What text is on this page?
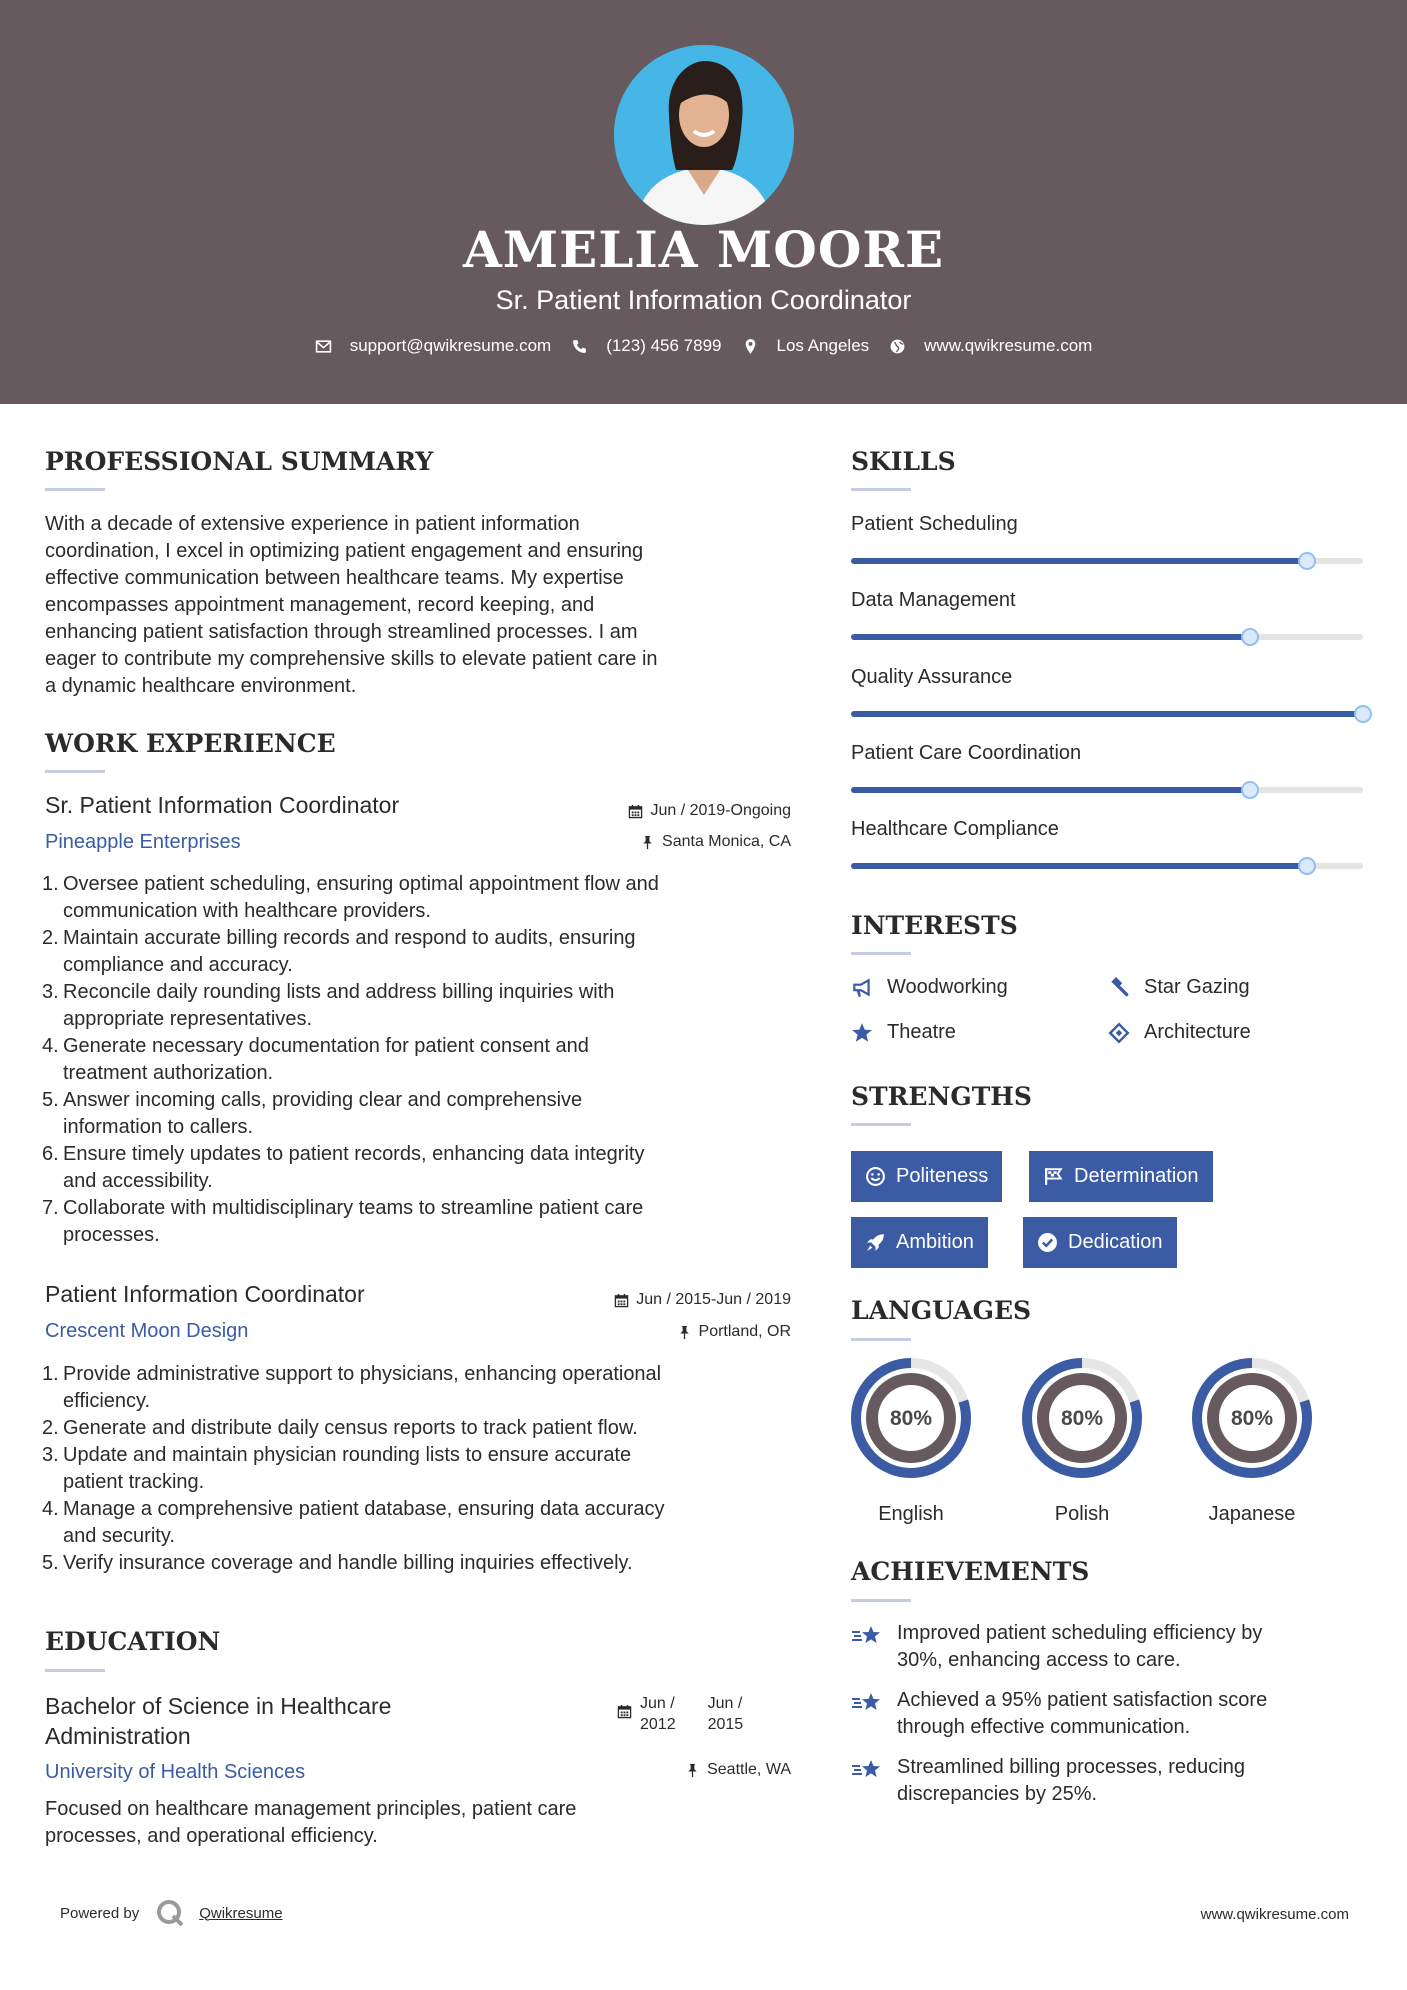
AMELIA MOORE
Sr. Patient Information Coordinator
support@qwikresume.com	(123) 456 7899	Los Angeles	www.qwikresume.com
PROFESSIONAL SUMMARY
With a decade of extensive experience in patient information
coordination, I excel in optimizing patient engagement and ensuring
effective communication between healthcare teams. My expertise
encompasses appointment management, record keeping, and
enhancing patient satisfaction through streamlined processes. I am
eager to contribute my comprehensive skills to elevate patient care in
a dynamic healthcare environment.
WORK EXPERIENCE
Sr. Patient Information Coordinator	Jun / 2019-Ongoing
Pineapple Enterprises	Santa Monica, CA
1. Oversee patient scheduling, ensuring optimal appointment flow and
communication with healthcare providers.
2. Maintain accurate billing records and respond to audits, ensuring
compliance and accuracy.
3. Reconcile daily rounding lists and address billing inquiries with
appropriate representatives.
4. Generate necessary documentation for patient consent and
treatment authorization.
5. Answer incoming calls, providing clear and comprehensive
information to callers.
6. Ensure timely updates to patient records, enhancing data integrity
and accessibility.
7. Collaborate with multidisciplinary teams to streamline patient care
processes.
Patient Information Coordinator	Jun / 2015-Jun / 2019
Crescent Moon Design	Portland, OR
1. Provide administrative support to physicians, enhancing operational
efficiency.
2. Generate and distribute daily census reports to track patient flow.
3. Update and maintain physician rounding lists to ensure accurate
patient tracking.
4. Manage a comprehensive patient database, ensuring data accuracy
and security.
5. Verify insurance coverage and handle billing inquiries effectively.
EDUCATION
Bachelor of Science in Healthcare
Administration
Jun /
2012
Jun /
2015
University of Health Sciences	Seattle, WA
Focused on healthcare management principles, patient care
processes, and operational efficiency.
SKILLS
Patient Scheduling
Data Management
Quality Assurance
Patient Care Coordination
Healthcare Compliance
INTERESTS
Woodworking	Star Gazing
Theatre	Architecture
STRENGTHS
Politeness	Determination
Ambition	Dedication
LANGUAGES
80%
English
80%
Polish
80%
Japanese
ACHIEVEMENTS
Improved patient scheduling efficiency by
30%, enhancing access to care.
Achieved a 95% patient satisfaction score
through effective communication.
Streamlined billing processes, reducing
discrepancies by 25%.
Powered by	Qwikresume	www.qwikresume.com
